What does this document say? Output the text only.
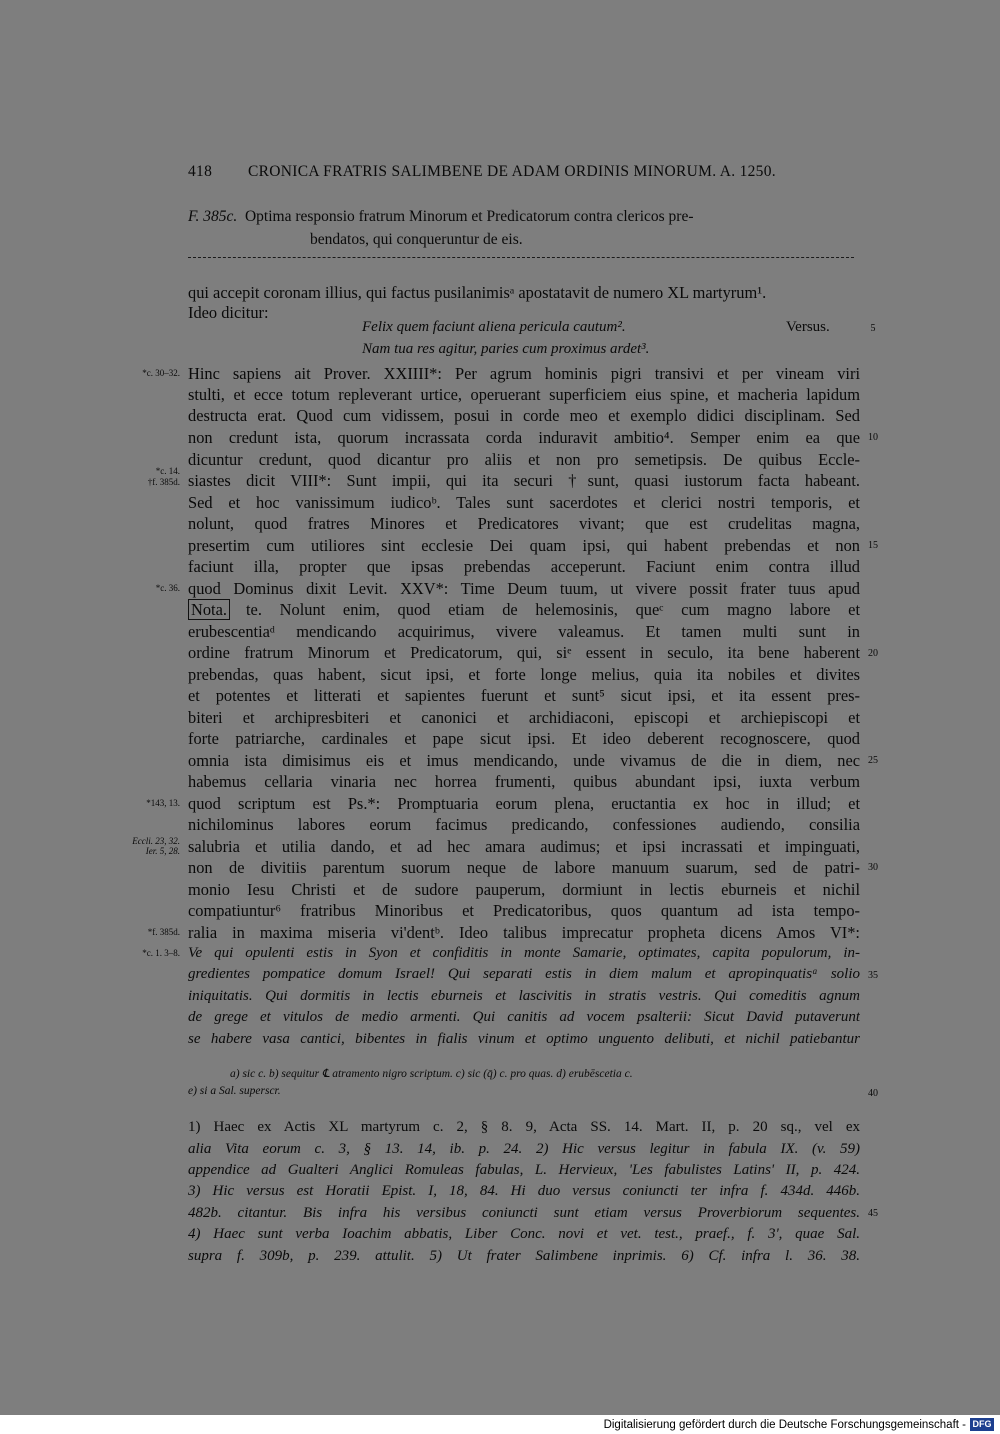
418 CRONICA FRATRIS SALIMBENE DE ADAM ORDINIS MINORUM. A. 1250.
F. 385c. Optima responsio fratrum Minorum et Predicatorum contra clericos pre-
bendatos, qui conqueruntur de eis.
qui accepit coronam illius, qui factus pusilanimisᵃ apostatavit de numero XL martyrum¹.
Ideo dicitur:
Felix quem faciunt aliena pericula cautum².	Versus.
Nam tua res agitur, paries cum proximus ardet³.
Hinc sapiens ait Prover. XXIIII*: Per agrum hominis pigri transivi et per vineam viri
stulti, et ecce totum repleverant urtice, operuerant superficiem eius spine, et macheria lapidum
destructa erat. Quod cum vidissem, posui in corde meo et exemplo didici disciplinam. Sed
non credunt ista, quorum incrassata corda induravit ambitio⁴. Semper enim ea que
dicuntur credunt, quod dicantur pro aliis et non pro semetipsis. De quibus Eccle-
siastes dicit VIII*: Sunt impii, qui ita securi †sunt, quasi iustorum facta habeant.
Sed et hoc vanissimum iudicoᵇ. Tales sunt sacerdotes et clerici nostri temporis, et
nolunt, quod fratres Minores et Predicatores vivant; que est crudelitas magna,
presertim cum utiliores sint ecclesie Dei quam ipsi, qui habent prebendas et non
faciunt illa, propter que ipsas prebendas acceperunt. Faciunt enim contra illud
quod Dominus dixit Levit. XXV*: Time Deum tuum, ut vivere possit frater tuus apud
Nota. te. Nolunt enim, quod etiam de helemosinis, queᶜ cum magno labore et
erubescentiaᵈ mendicando acquirimus, vivere valeamus. Et tamen multi sunt in
ordine fratrum Minorum et Predicatorum, qui, siᵉ essent in seculo, ita bene haberent
prebendas, quas habent, sicut ipsi, et forte longe melius, quia ita nobiles et divites
et potentes et litterati et sapientes fuerunt et sunt⁵ sicut ipsi, et ita essent pres-
biteri et archipresbiteri et canonici et archidiaconi, episcopi et archiepiscopi et
forte patriarche, cardinales et pape sicut ipsi. Et ideo deberent recognoscere, quod
omnia ista dimisimus eis et imus mendicando, unde vivamus de die in diem, nec
habemus cellaria vinaria nec horrea frumenti, quibus abundant ipsi, iuxta verbum
quod scriptum est Ps.*: Promptuaria eorum plena, eructantia ex hoc in illud; et
nichilominus labores eorum facimus predicando, confessiones audiendo, consilia
salubria et utilia dando, et ad hec amara audimus; et ipsi incrassati et impinguati,
non de divitiis parentum suorum neque de labore manuum suarum, sed de patri-
monio Iesu Christi et de sudore pauperum, dormiunt in lectis eburneis et nichil
compatiuntur⁶ fratribus Minoribus et Predicatoribus, quos quantum ad ista tempo-
ralia in maxima miseria vi'dentᵇ. Ideo talibus imprecatur propheta dicens Amos VI*:
Ve qui opulenti estis in Syon et confiditis in monte Samarie, optimates, capita populorum, in-
gredientes pompatice domum Israel! Qui separati estis in diem malum et apropinquatisᵃ solio
iniquitatis. Qui dormitis in lectis eburneis et lascivitis in stratis vestris. Qui comeditis agnum
de grege et vitulos de medio armenti. Qui canitis ad vocem psalterii: Sicut David putaverunt
se habere vasa cantici, bibentes in fialis vinum et optimo unguento delibuti, et nichil patiebantur
5
10
15
20
25
30
35
40
45
*c. 30–32.
*c. 14.
†f. 385d.
*c. 36.
*143, 13.
Eccli. 23, 32.
Ier. 5, 28.
*f. 385d.
*c. 1. 3–8.
a) sic c. b) sequitur ℄ atramento nigro scriptum. c) sic (q̄) c. pro quas. d) erubēscetia c.
e) si a Sal. superscr.
1) Haec ex Actis XL martyrum c. 2, § 8. 9, Acta SS. 14. Mart. II, p. 20 sq., vel ex
alia Vita eorum c. 3, § 13. 14, ib. p. 24. 2) Hic versus legitur in fabula IX. (v. 59)
appendice ad Gualteri Anglici Romuleas fabulas, L. Hervieux, 'Les fabulistes Latins' II, p. 424.
3) Hic versus est Horatii Epist. I, 18, 84. Hi duo versus coniuncti ter infra f. 434d. 446b.
482b. citantur. Bis infra his versibus coniuncti sunt etiam versus Proverbiorum sequentes.
4) Haec sunt verba Ioachim abbatis, Liber Conc. novi et vet. test., praef., f. 3', quae Sal.
supra f. 309b, p. 239. attulit. 5) Ut frater Salimbene inprimis. 6) Cf. infra l. 36. 38.
Digitalisierung gefördert durch die Deutsche Forschungsgemeinschaft - DFG
